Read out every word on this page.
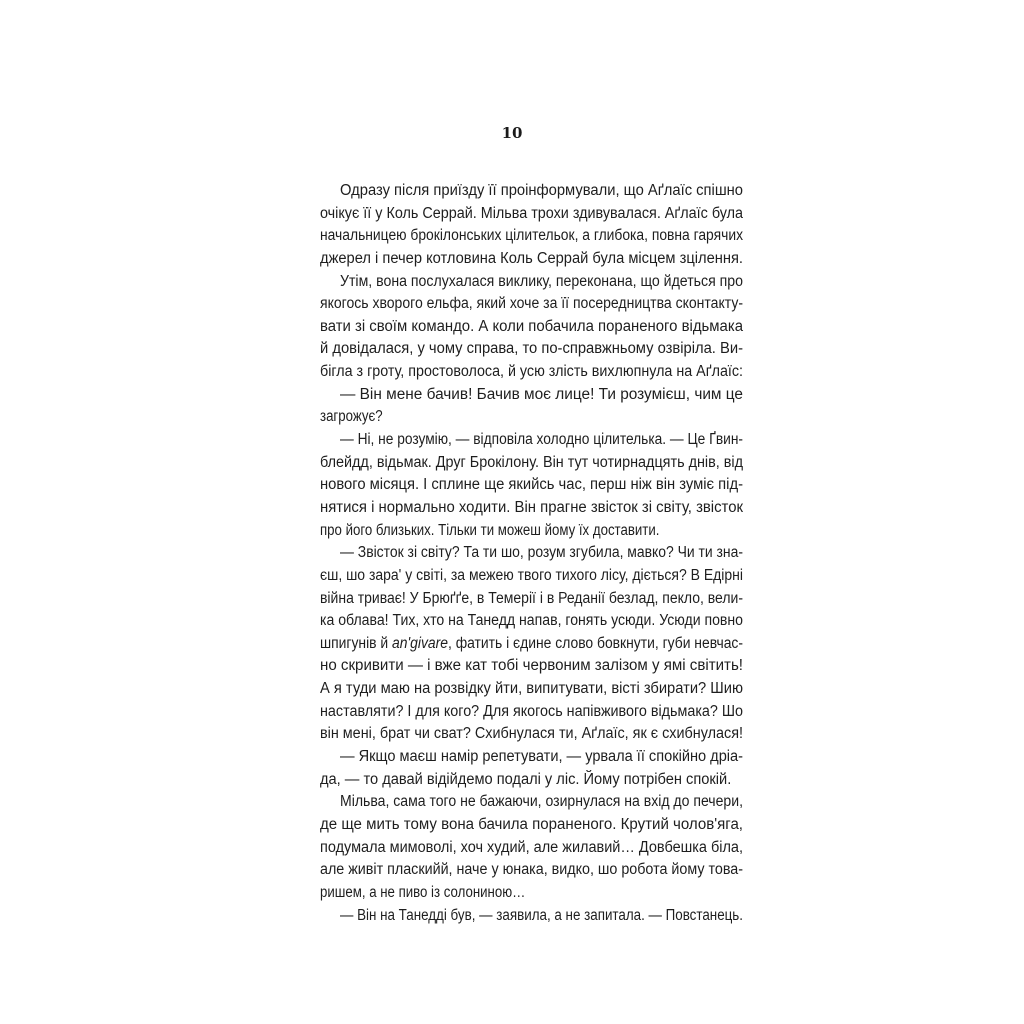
10
Одразу після приїзду її проінформували, що Аґлаїс спішно
очікує її у Коль Серрай. Мільва трохи здивувалася. Аґлаїс була
начальницею брокілонських цілительок, а глибока, повна гарячих
джерел і печер котловина Коль Серрай була місцем зцілення.
Утім, вона послухалася виклику, переконана, що йдеться про
якогось хворого ельфа, який хоче за її посередництва сконтакту-
вати зі своїм командо. А коли побачила пораненого відьмака
й довідалася, у чому справа, то по-справжньому озвіріла. Ви-
бігла з гроту, простоволоса, й усю злість вихлюпнула на Аґлаїс:
— Він мене бачив! Бачив моє лице! Ти розумієш, чим це
загрожує?
— Ні, не розумію, — відповіла холодно цілителька. — Це Ґвин-
блейдд, відьмак. Друг Брокілону. Він тут чотирнадцять днів, від
нового місяця. І сплине ще якийсь час, перш ніж він зуміє під-
нятися і нормально ходити. Він прагне звісток зі світу, звісток
про його близьких. Тільки ти можеш йому їх доставити.
— Звісток зі світу? Та ти шо, розум згубила, мавко? Чи ти зна-
єш, шо зара' у світі, за межею твого тихого лісу, діється? В Едірні
війна триває! У Брюґґе, в Темерії і в Реданії безлад, пекло, вели-
ка облава! Тих, хто на Танедд напав, гонять усюди. Усюди повно
шпигунів й an'givare, фатить і єдине слово бовкнути, губи невчас-
но скривити — і вже кат тобі червоним залізом у ямі світить!
А я туди маю на розвідку йти, випитувати, вісті збирати? Шию
наставляти? І для кого? Для якогось напівживого відьмака? Шо
він мені, брат чи сват? Схибнулася ти, Аґлаїс, як є схибнулася!
— Якщо маєш намір репетувати, — урвала її спокійно дріа-
да, — то давай відійдемо подалі у ліс. Йому потрібен спокій.
Мільва, сама того не бажаючи, озирнулася на вхід до печери,
де ще мить тому вона бачила пораненого. Крутий чолов'яга,
подумала мимоволі, хоч худий, але жилавий… Довбешка біла,
але живіт пласкийй, наче у юнака, видко, шо робота йому това-
ришем, а не пиво із солониною…
— Він на Танедді був, — заявила, а не запитала. — Повстанець.
